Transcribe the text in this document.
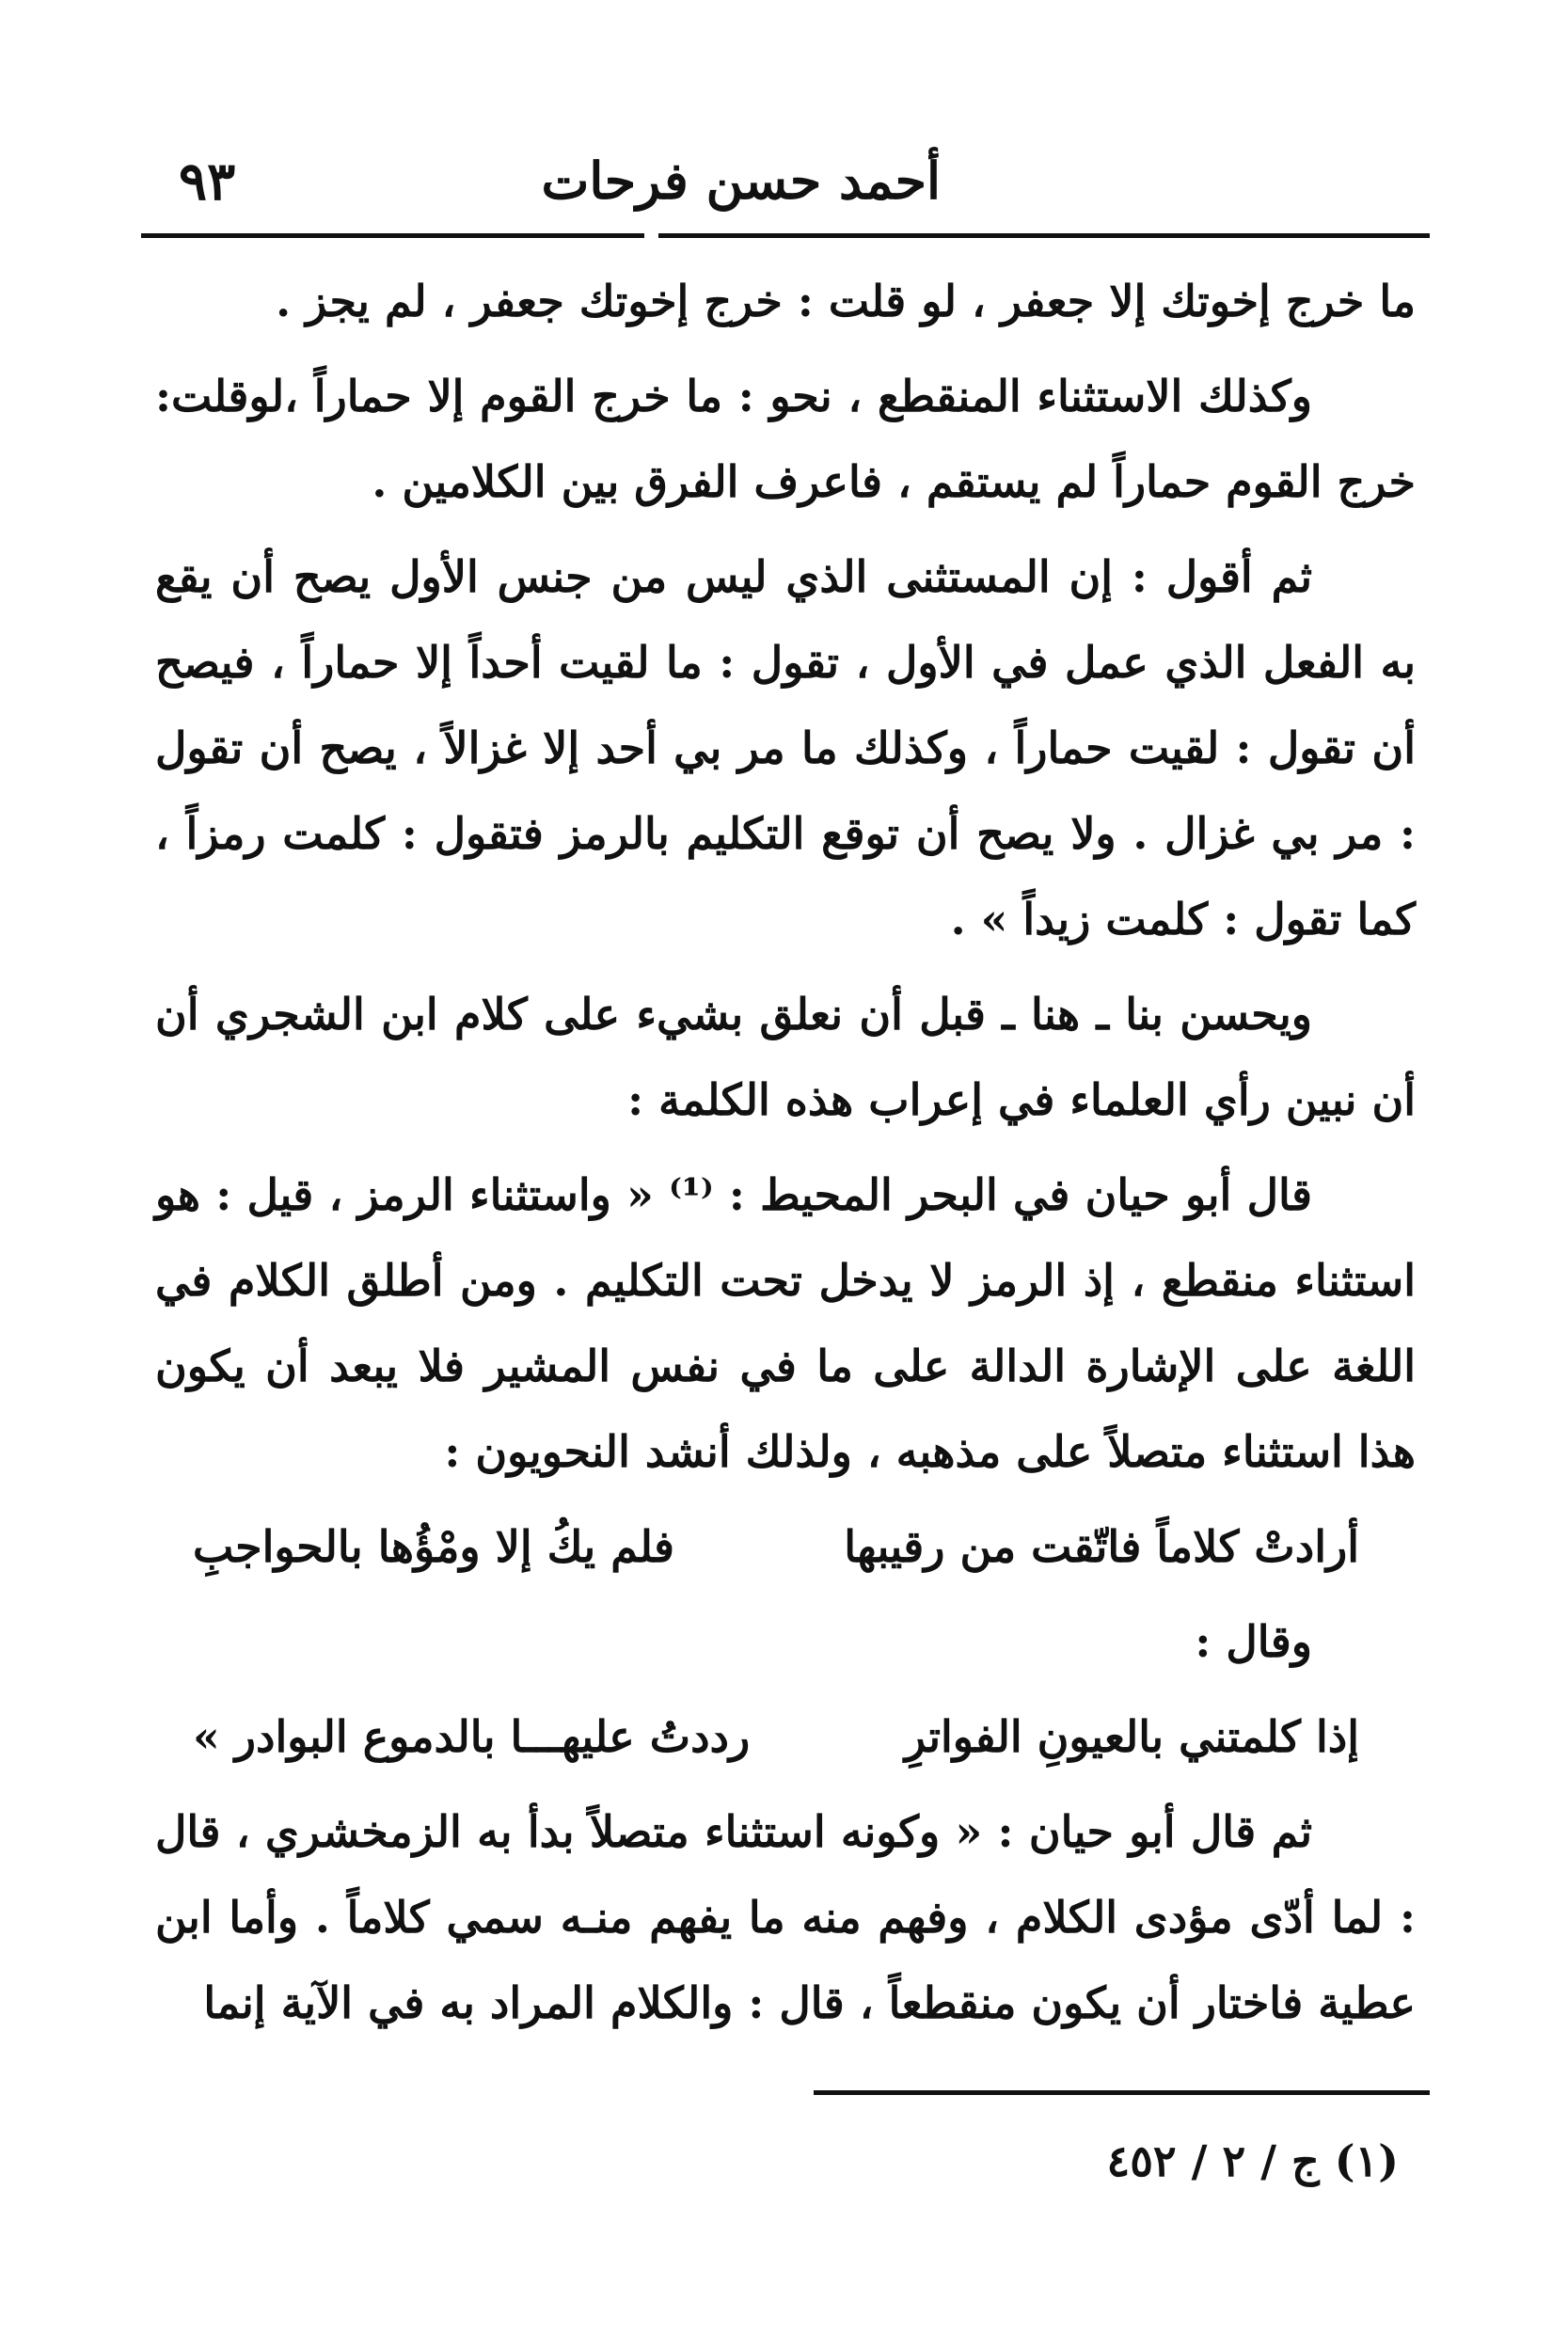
أحمد حسن فرحات
٩٣

ما خرج إخوتك إلا جعفر ، لو قلت : خرج إخوتك جعفر ، لم يجز .

وكذلك الاستثناء المنقطع ، نحو : ما خرج القوم إلا حماراً ،لوقلت: خرج القوم حماراً لم يستقم ، فاعرف الفرق بين الكلامين .

ثم أقول : إن المستثنى الذي ليس من جنس الأول يصح أن يقع به الفعل الذي عمل في الأول ، تقول : ما لقيت أحداً إلا حماراً ، فيصح أن تقول : لقيت حماراً ، وكذلك ما مر بي أحد إلا غزالاً ، يصح أن تقول : مر بي غزال . ولا يصح أن توقع التكليم بالرمز فتقول : كلمت رمزاً ، كما تقول : كلمت زيداً » .

ويحسن بنا ـ هنا ـ قبل أن نعلق بشيء على كلام ابن الشجري أن أن نبين رأي العلماء في إعراب هذه الكلمة :

قال أبو حيان في البحر المحيط : ⁽¹⁾ « واستثناء الرمز ، قيل : هو استثناء منقطع ، إذ الرمز لا يدخل تحت التكليم . ومن أطلق الكلام في اللغة على الإشارة الدالة على ما في نفس المشير فلا يبعد أن يكون هذا استثناء متصلاً على مذهبه ، ولذلك أنشد النحويون :

أرادتْ كلاماً فاتّقت من رقيبها
فلم يكُ إلا ومْؤُها بالحواجبِ
وقال :
إذا كلمتني بالعيونِ الفواترِ
رددتُ عليهـــا بالدموع البوادر »

ثم قال أبو حيان : « وكونه استثناء متصلاً بدأ به الزمخشري ، قال : لما أدّى مؤدى الكلام ، وفهم منه ما يفهم منـه سمي كلاماً . وأما ابن عطية فاختار أن يكون منقطعاً ، قال : والكلام المراد به في الآية إنما

(١) ج / ٢ / ٤٥٢
